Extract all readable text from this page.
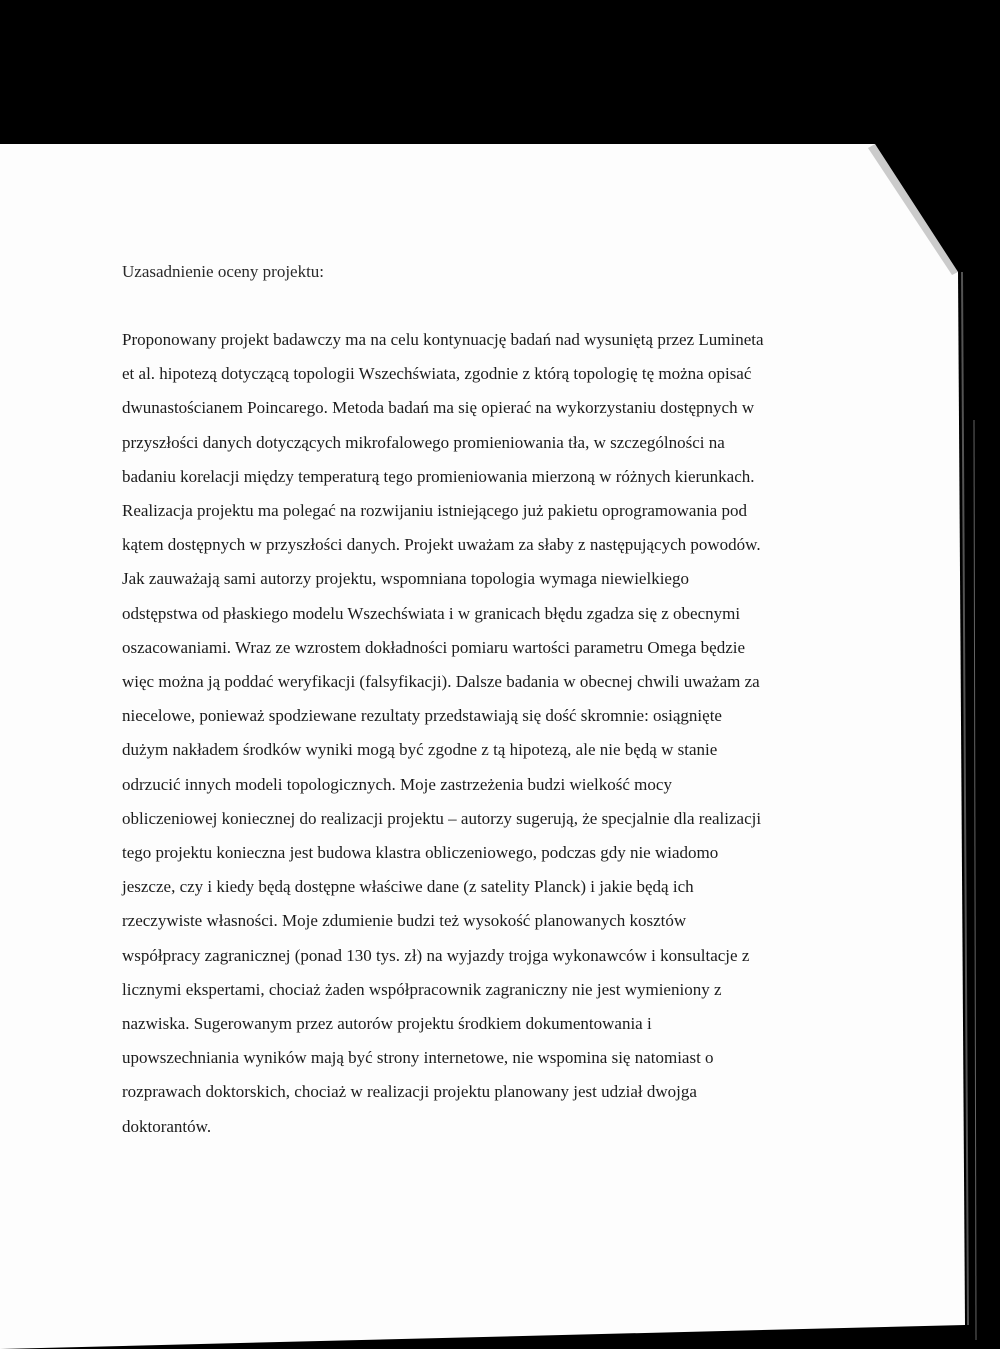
Uzasadnienie oceny projektu:

Proponowany projekt badawczy ma na celu kontynuację badań nad wysuniętą przez Lumineta

et al. hipotezą dotyczącą topologii Wszechświata, zgodnie z którą topologię tę można opisać

dwunastościanem Poincarego. Metoda badań ma się opierać na wykorzystaniu dostępnych w

przyszłości danych dotyczących mikrofalowego promieniowania tła, w szczególności na

badaniu korelacji między temperaturą tego promieniowania mierzoną w różnych kierunkach.

Realizacja projektu ma polegać na rozwijaniu istniejącego już pakietu oprogramowania pod

kątem dostępnych w przyszłości danych. Projekt uważam za słaby z następujących powodów.

Jak zauważają sami autorzy projektu, wspomniana topologia wymaga niewielkiego

odstępstwa od płaskiego modelu Wszechświata i w granicach błędu zgadza się z obecnymi

oszacowaniami. Wraz ze wzrostem dokładności pomiaru wartości parametru Omega będzie

więc można ją poddać weryfikacji (falsyfikacji). Dalsze badania w obecnej chwili uważam za

niecelowe, ponieważ spodziewane rezultaty przedstawiają się dość skromnie: osiągnięte

dużym nakładem środków wyniki mogą być zgodne z tą hipotezą, ale nie będą w stanie

odrzucić innych modeli topologicznych. Moje zastrzeżenia budzi wielkość mocy

obliczeniowej koniecznej do realizacji projektu – autorzy sugerują, że specjalnie dla realizacji

tego projektu konieczna jest budowa klastra obliczeniowego, podczas gdy nie wiadomo

jeszcze, czy i kiedy będą dostępne właściwe dane (z satelity Planck) i jakie będą ich

rzeczywiste własności. Moje zdumienie budzi też wysokość planowanych kosztów

współpracy zagranicznej (ponad 130 tys. zł) na wyjazdy trojga wykonawców i konsultacje z

licznymi ekspertami, chociaż żaden współpracownik zagraniczny nie jest wymieniony z

nazwiska. Sugerowanym przez autorów projektu środkiem dokumentowania i

upowszechniania wyników mają być strony internetowe, nie wspomina się natomiast o

rozprawach doktorskich, chociaż w realizacji projektu planowany jest udział dwojga

doktorantów.
